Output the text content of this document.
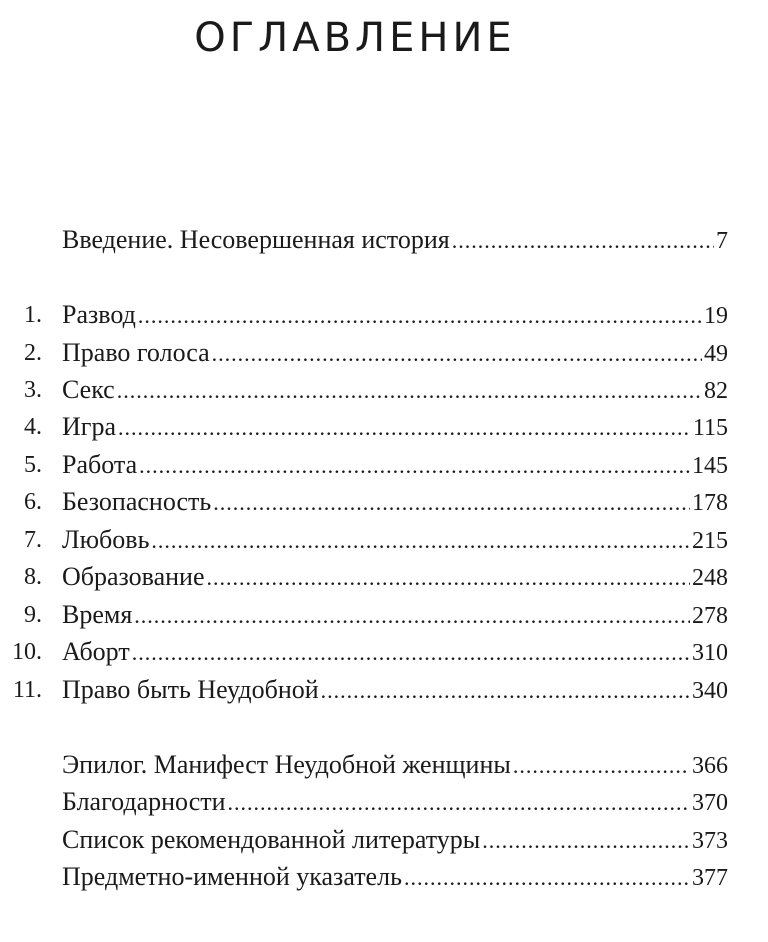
ОГЛАВЛЕНИЕ
Введение. Несовершенная история .....	7
1. Развод .....	19
2. Право голоса .....	49
3. Секс .....	82
4. Игра .....	115
5. Работа .....	145
6. Безопасность .....	178
7. Любовь .....	215
8. Образование .....	248
9. Время .....	278
10. Аборт .....	310
11. Право быть Неудобной .....	340
Эпилог. Манифест Неудобной женщины .....	366
Благодарности .....	370
Список рекомендованной литературы .....	373
Предметно-именной указатель .....	377
